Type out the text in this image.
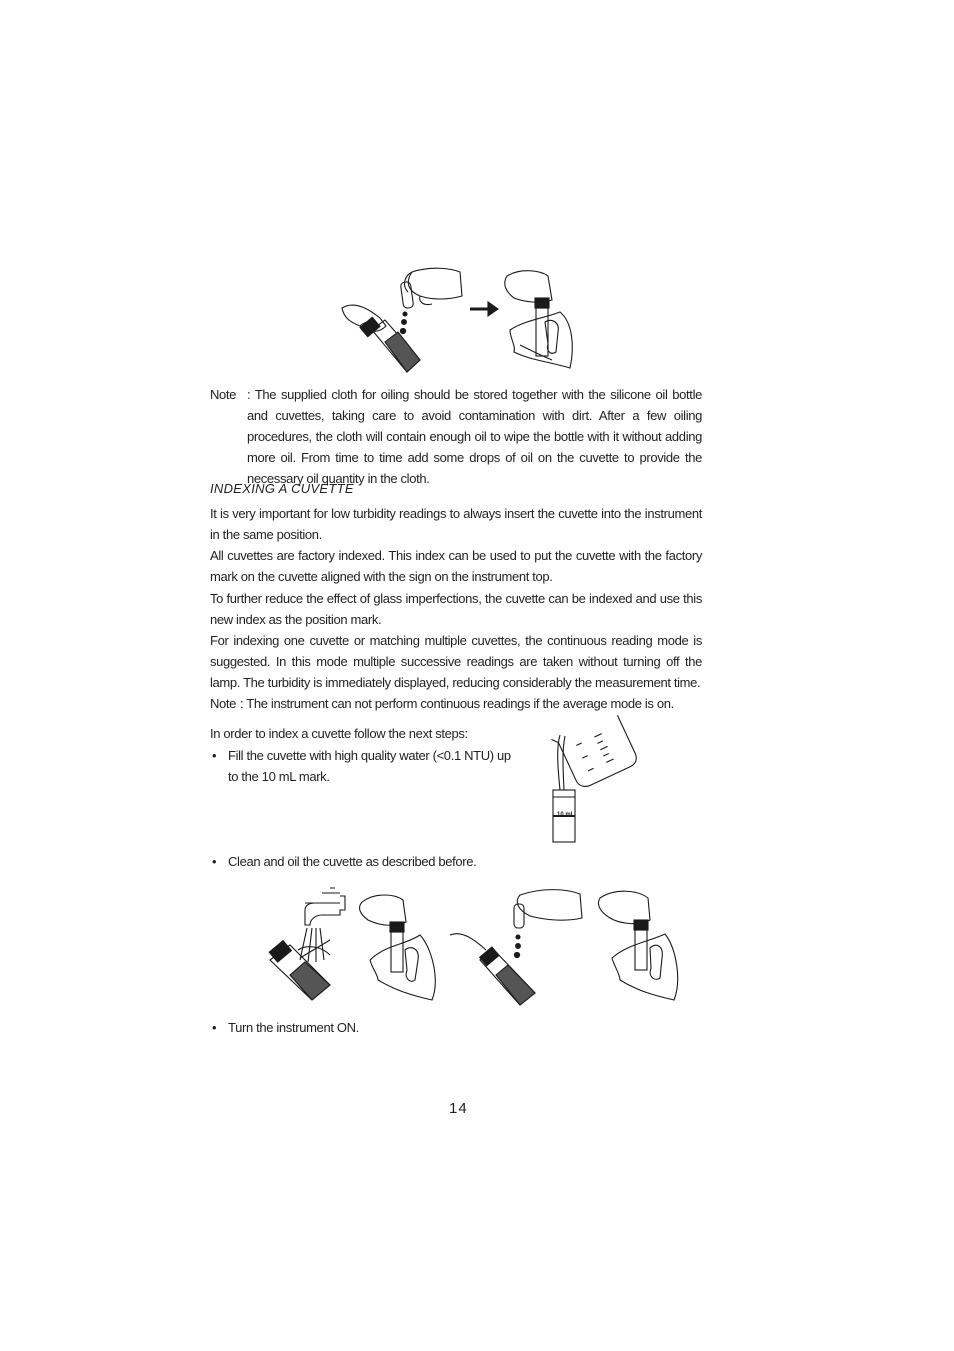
Note : The supplied cloth for oiling should be stored together with the silicone oil bottle and cuvettes, taking care to avoid contamination with dirt. After a few oiling procedures, the cloth will contain enough oil to wipe the bottle with it without adding more oil. From time to time add some drops of oil on the cuvette to provide the necessary oil quantity in the cloth.
INDEXING A CUVETTE
It is very important for low turbidity readings to always insert the cuvette into the instrument in the same position.
All cuvettes are factory indexed. This index can be used to put the cuvette with the factory mark on the cuvette aligned with the sign on the instrument top.
To further reduce the effect of glass imperfections, the cuvette can be indexed and use this new index as the position mark.
For indexing one cuvette or matching multiple cuvettes, the continuous reading mode is suggested. In this mode multiple successive readings are taken without turning off the lamp. The turbidity is immediately displayed, reducing considerably the measurement time.
Note : The instrument can not perform continuous readings if the average mode is on.
In order to index a cuvette follow the next steps:
• Fill the cuvette with high quality water (<0.1 NTU) up to the 10 mL mark.
10 mL
• Clean and oil the cuvette as described before.
• Turn the instrument ON.
14
